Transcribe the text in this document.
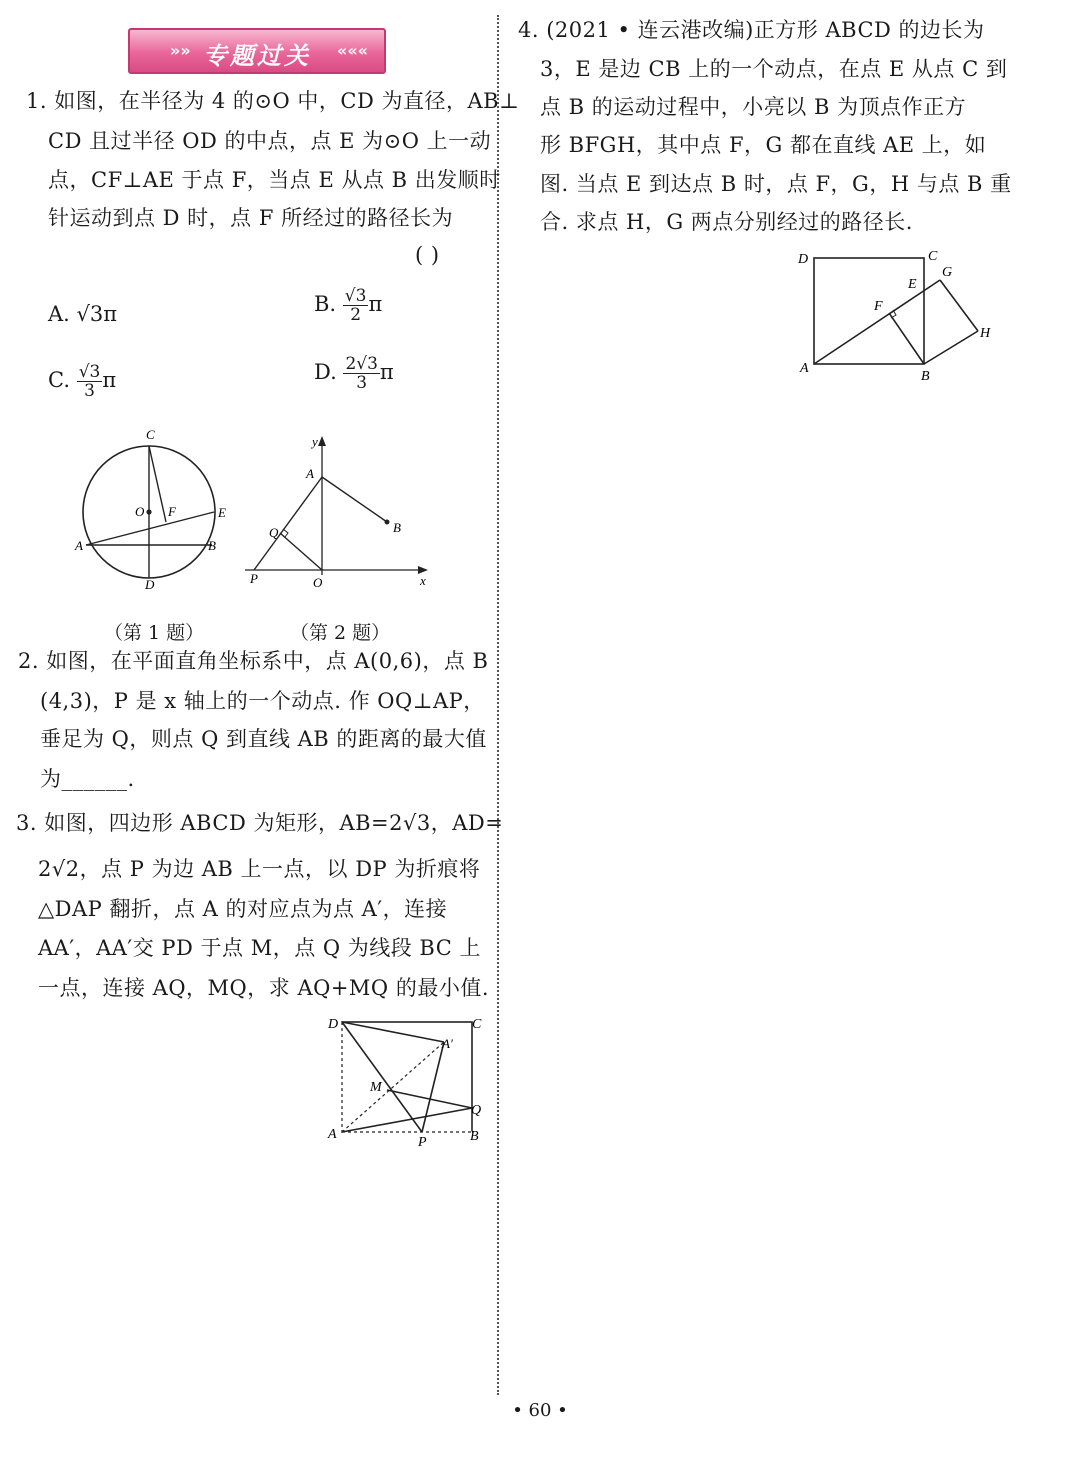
»» 专题过关	«««
1. 如图，在半径为 4 的⊙O 中，CD 为直径，AB⊥
CD 且过半径 OD 的中点，点 E 为⊙O 上一动
点，CF⊥AE 于点 F，当点 E 从点 B 出发顺时
针运动到点 D 时，点 F 所经过的路径长为
( )
A. √3π	B. $\frac{√3}{2}$ π
C. $\frac{√3}{3}$ π	D. $\frac{2√3}{3}$ π
C
O F	E
A	B
D
y
A
B
Q
P	O	x
（第 1 题）	（第 2 题）
2. 如图，在平面直角坐标系中，点 A(0,6)，点 B
(4,3)，P 是 x 轴上的一个动点. 作 OQ⊥AP，
垂足为 Q，则点 Q 到直线 AB 的距离的最大值
为______.
3. 如图，四边形 ABCD 为矩形，AB=2√3，AD=
2√2，点 P 为边 AB 上一点，以 DP 为折痕将
△DAP 翻折，点 A 的对应点为点 A′，连接
AA′，AA′交 PD 于点 M，点 Q 为线段 BC 上
一点，连接 AQ，MQ，求 AQ+MQ 的最小值.
D	C
A′
M
Q
A
P	B
4. (2021 • 连云港改编)正方形 ABCD 的边长为
3，E 是边 CB 上的一个动点，在点 E 从点 C 到
点 B 的运动过程中，小亮以 B 为顶点作正方
形 BFGH，其中点 F，G 都在直线 AE 上，如
图. 当点 E 到达点 B 时，点 F，G，H 与点 B 重
合. 求点 H，G 两点分别经过的路径长.
D	C
G
E
F
H
A
B
• 60 •
